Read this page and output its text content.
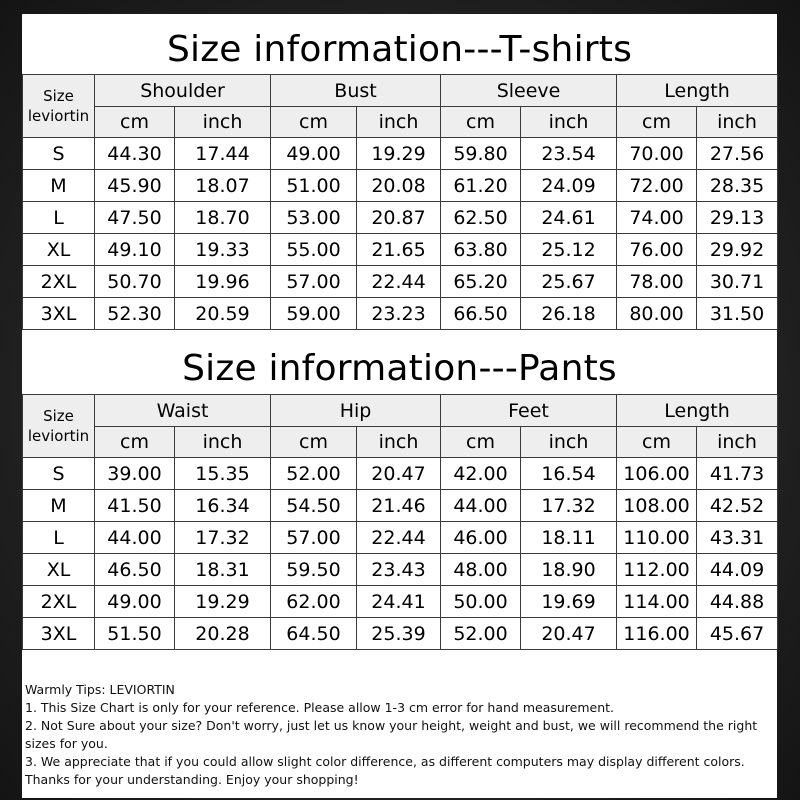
Size information---T-shirts
Size
leviortin	Shoulder		Bust		Sleeve		Length	
	cm	inch	cm	inch	cm	inch	cm	inch
S	44.30	17.44	49.00	19.29	59.80	23.54	70.00	27.56
M	45.90	18.07	51.00	20.08	61.20	24.09	72.00	28.35
L	47.50	18.70	53.00	20.87	62.50	24.61	74.00	29.13
XL	49.10	19.33	55.00	21.65	63.80	25.12	76.00	29.92
2XL	50.70	19.96	57.00	22.44	65.20	25.67	78.00	30.71
3XL	52.30	20.59	59.00	23.23	66.50	26.18	80.00	31.50
Size information---Pants
Size
leviortin	Waist		Hip		Feet		Length	
	cm	inch	cm	inch	cm	inch	cm	inch
S	39.00	15.35	52.00	20.47	42.00	16.54	106.00	41.73
M	41.50	16.34	54.50	21.46	44.00	17.32	108.00	42.52
L	44.00	17.32	57.00	22.44	46.00	18.11	110.00	43.31
XL	46.50	18.31	59.50	23.43	48.00	18.90	112.00	44.09
2XL	49.00	19.29	62.00	24.41	50.00	19.69	114.00	44.88
3XL	51.50	20.28	64.50	25.39	52.00	20.47	116.00	45.67
Warmly Tips: LEVIORTIN
1. This Size Chart is only for your reference. Please allow 1-3 cm error for hand measurement.
2. Not Sure about your size? Don't worry, just let us know your height, weight and bust, we will recommend the right sizes for you.
3. We appreciate that if you could allow slight color difference, as different computers may display different colors.
Thanks for your understanding. Enjoy your shopping!
